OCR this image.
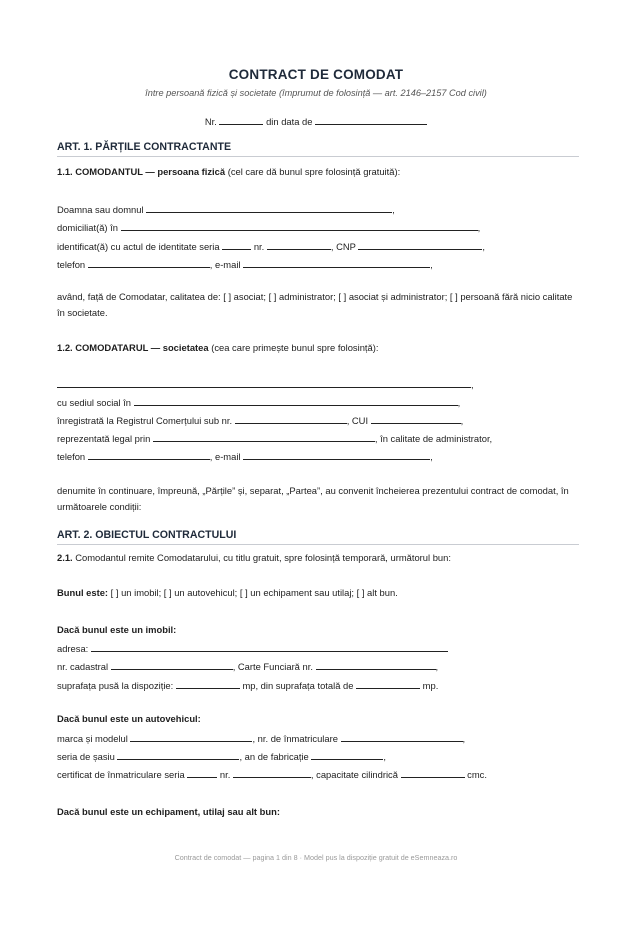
CONTRACT DE COMODAT
între persoană fizică și societate (împrumut de folosință — art. 2146–2157 Cod civil)
Nr.	din data de
ART. 1. PĂRȚILE CONTRACTANTE
1.1. COMODANTUL — persoana fizică (cel care dă bunul spre folosință gratuită):
Doamna sau domnul	,
domiciliat(ă) în	,
identificat(ă) cu actul de identitate seria	nr.	, CNP	,
telefon	, e-mail	,
având, față de Comodatar, calitatea de: [ ] asociat; [ ] administrator; [ ] asociat și administrator; [ ] persoană fără nicio calitate în societate.
1.2. COMODATARUL — societatea (cea care primește bunul spre folosință):
,
cu sediul social în	,
înregistrată la Registrul Comerțului sub nr.	, CUI	,
reprezentată legal prin	, în calitate de administrator,
telefon	, e-mail	,
denumite în continuare, împreună, „Părțile” și, separat, „Partea”, au convenit încheierea prezentului contract de comodat, în următoarele condiții:
ART. 2. OBIECTUL CONTRACTULUI
2.1. Comodantul remite Comodatarului, cu titlu gratuit, spre folosință temporară, următorul bun:
Bunul este: [ ] un imobil; [ ] un autovehicul; [ ] un echipament sau utilaj; [ ] alt bun.
Dacă bunul este un imobil:
adresa:
nr. cadastral	, Carte Funciară nr.	,
suprafața pusă la dispoziție:	mp, din suprafața totală de	mp.
Dacă bunul este un autovehicul:
marca și modelul	, nr. de înmatriculare	,
seria de șasiu	, an de fabricație	,
certificat de înmatriculare seria	nr.	, capacitate cilindrică	cmc.
Dacă bunul este un echipament, utilaj sau alt bun:
Contract de comodat — pagina 1 din 8 · Model pus la dispoziție gratuit de eSemneaza.ro
